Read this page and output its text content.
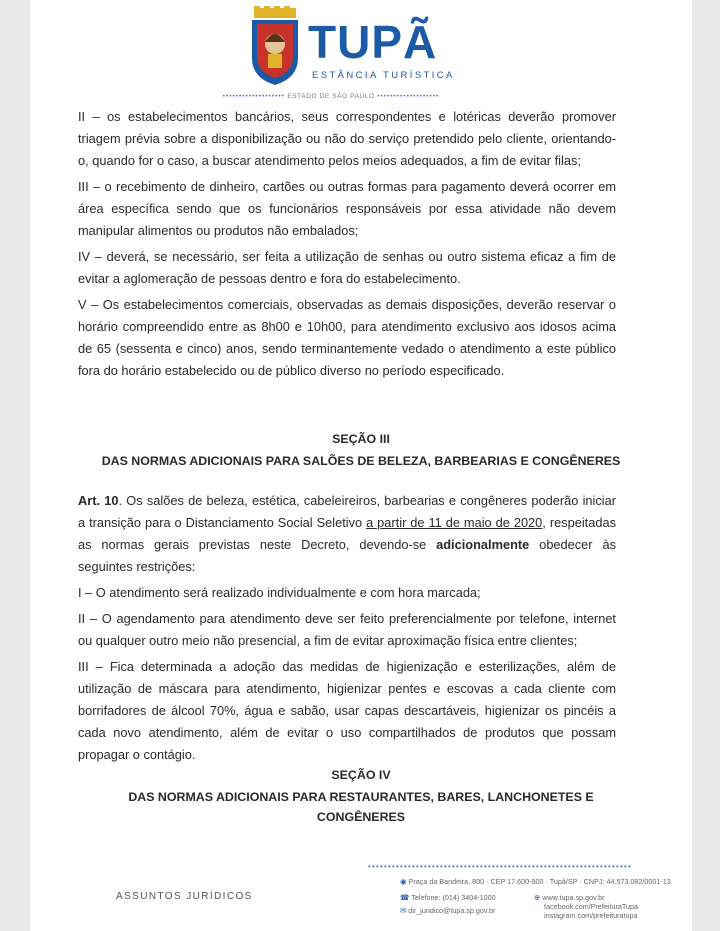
TUPÃ
ESTÂNCIA TURÍSTICA
••••••••••••••••••• ESTADO DE SÃO PAULO •••••••••••••••••••

II – os estabelecimentos bancários, seus correspondentes e lotéricas deverão promover triagem prévia sobre a disponibilização ou não do serviço pretendido pelo cliente, orientando-o, quando for o caso, a buscar atendimento pelos meios adequados, a fim de evitar filas;

III – o recebimento de dinheiro, cartões ou outras formas para pagamento deverá ocorrer em área específica sendo que os funcionários responsáveis por essa atividade não devem manipular alimentos ou produtos não embalados;

IV – deverá, se necessário, ser feita a utilização de senhas ou outro sistema eficaz a fim de evitar a aglomeração de pessoas dentro e fora do estabelecimento.

V – Os estabelecimentos comerciais, observadas as demais disposições, deverão reservar o horário compreendido entre as 8h00 e 10h00, para atendimento exclusivo aos idosos acima de 65 (sessenta e cinco) anos, sendo terminantemente vedado o atendimento a este público fora do horário estabelecido ou de público diverso no período especificado.

SEÇÃO III

DAS NORMAS ADICIONAIS PARA SALÕES DE BELEZA, BARBEARIAS E CONGÊNERES

Art. 10. Os salões de beleza, estética, cabeleireiros, barbearias e congêneres poderão iniciar a transição para o Distanciamento Social Seletivo a partir de 11 de maio de 2020, respeitadas as normas gerais previstas neste Decreto, devendo-se adicionalmente obedecer às seguintes restrições:

I – O atendimento será realizado individualmente e com hora marcada;

II – O agendamento para atendimento deve ser feito preferencialmente por telefone, internet ou qualquer outro meio não presencial, a fim de evitar aproximação física entre clientes;

III – Fica determinada a adoção das medidas de higienização e esterilizações, além de utilização de máscara para atendimento, higienizar pentes e escovas a cada cliente com borrifadores de álcool 70%, água e sabão, usar capas descartáveis, higienizar os pincéis a cada novo atendimento, além de evitar o uso compartilhados de produtos que possam propagar o contágio.

SEÇÃO IV

DAS NORMAS ADICIONAIS PARA RESTAURANTES, BARES, LANCHONETES E

CONGÊNERES

••••••••••••••••••••••••••••••••••••••••••••••••••••••••••••••••••
ASSUNTOS JURÍDICOS
◉ Praça da Bandeira, 800 · CEP 17.600-900 · Tupã/SP · CNPJ: 44.573.082/0001-13
☎ Telefone: (014) 3404-1000
✉ dir_juridico@tupa.sp.gov.br
⊕ www.tupa.sp.gov.br
facebook.com/PrefeituraTupa
instagram.com/prefeituratupa
